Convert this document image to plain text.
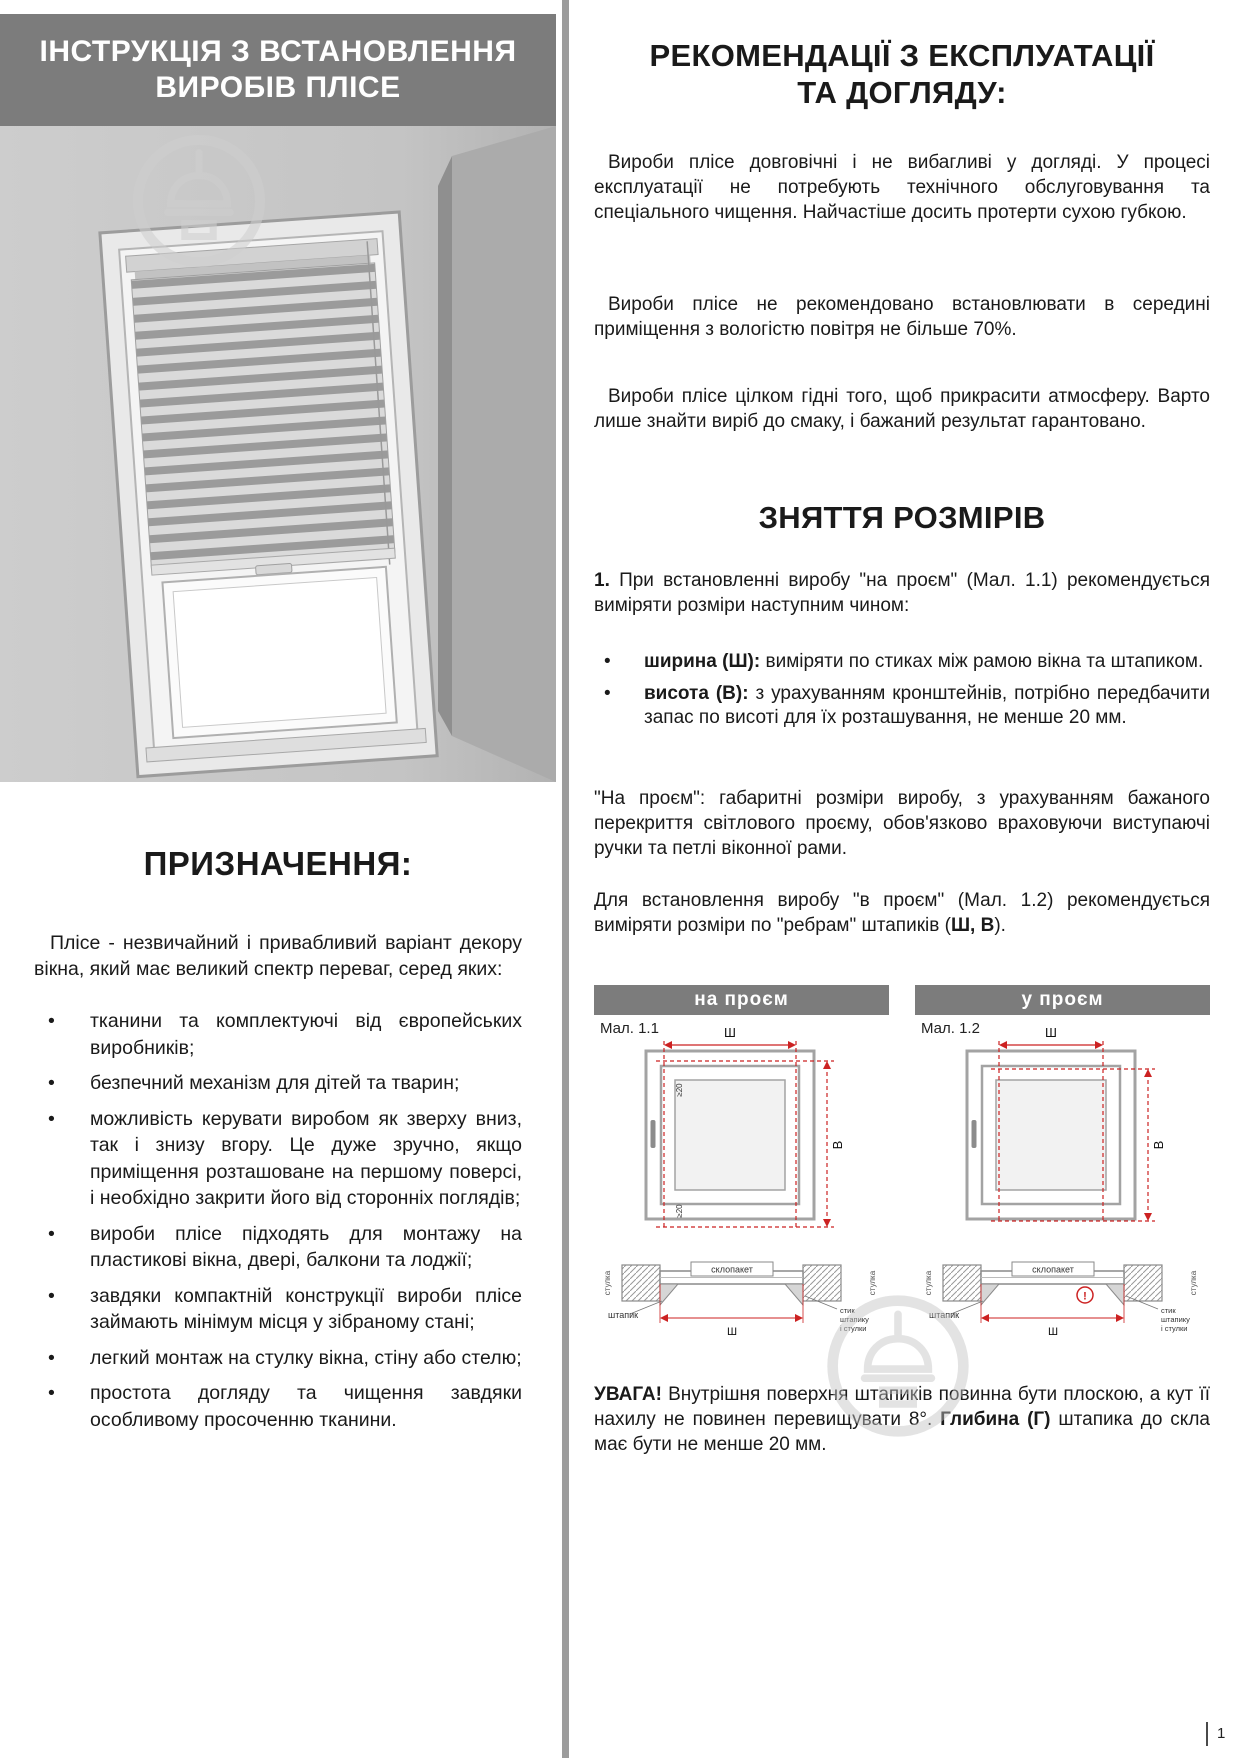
ІНСТРУКЦІЯ З ВСТАНОВЛЕННЯ
ВИРОБІВ ПЛІСЕ
ПРИЗНАЧЕННЯ:

Плісе - незвичайний і привабливий варіант декору вікна, який має великий спектр переваг, серед яких:

• тканини та комплектуючі від європейських виробників;
• безпечний механізм для дітей та тварин;
• можливість керувати виробом як зверху вниз, так і знизу вгору. Це дуже зручно, якщо приміщення розташоване на першому поверсі, і необхідно закрити його від сторонніх поглядів;
• вироби плісе підходять для монтажу на пластикові вікна, двері, балкони та лоджії;
• завдяки компактній конструкції вироби плісе займають мінімум місця у зібраному стані;
• легкий монтаж на стулку вікна, стіну або стелю;
• простота догляду та чищення завдяки особливому просоченню тканини.
РЕКОМЕНДАЦІЇ З ЕКСПЛУАТАЦІЇ
ТА ДОГЛЯДУ:

Вироби плісе довговічні і не вибагливі у догляді. У процесі експлуатації не потребують технічного обслуговування та спеціального чищення. Найчастіше досить протерти сухою губкою.

Вироби плісе не рекомендовано встановлювати в середині приміщення з вологістю повітря не більше 70%.

Вироби плісе цілком гідні того, щоб прикрасити атмосферу. Варто лише знайти виріб до смаку, і бажаний результат гарантовано.

ЗНЯТТЯ РОЗМІРІВ

1. При встановленні виробу "на проєм" (Мал. 1.1) рекомендується виміряти розміри наступним чином:

• ширина (Ш): виміряти по стиках між рамою вікна та штапиком.
• висота (В): з урахуванням кронштейнів, потрібно передбачити запас по висоті для їх розташування, не менше 20 мм.

"На проєм": габаритні розміри виробу, з урахуванням бажаного перекриття світлового проєму, обов'язково враховуючи виступаючі ручки та петлі віконної рами.

Для встановлення виробу "в проєм" (Мал. 1.2) рекомендується виміряти розміри по "ребрам" штапиків (Ш, В).

на проєм
Мал. 1.1	Ш
В
≥20
≥20
склопакет
Ш
штапик
стулка	стулка
стик
штапику
і стулки
у проєм
Мал. 1.2	Ш
В
склопакет
!
Ш
штапик
стулка	стулка
стик
штапику
і стулки

УВАГА! Внутрішня поверхня штапиків повинна бути плоскою, а кут її нахилу не повинен перевищувати 8°. Глибина (Г) штапика до скла має бути не менше 20 мм.

1
